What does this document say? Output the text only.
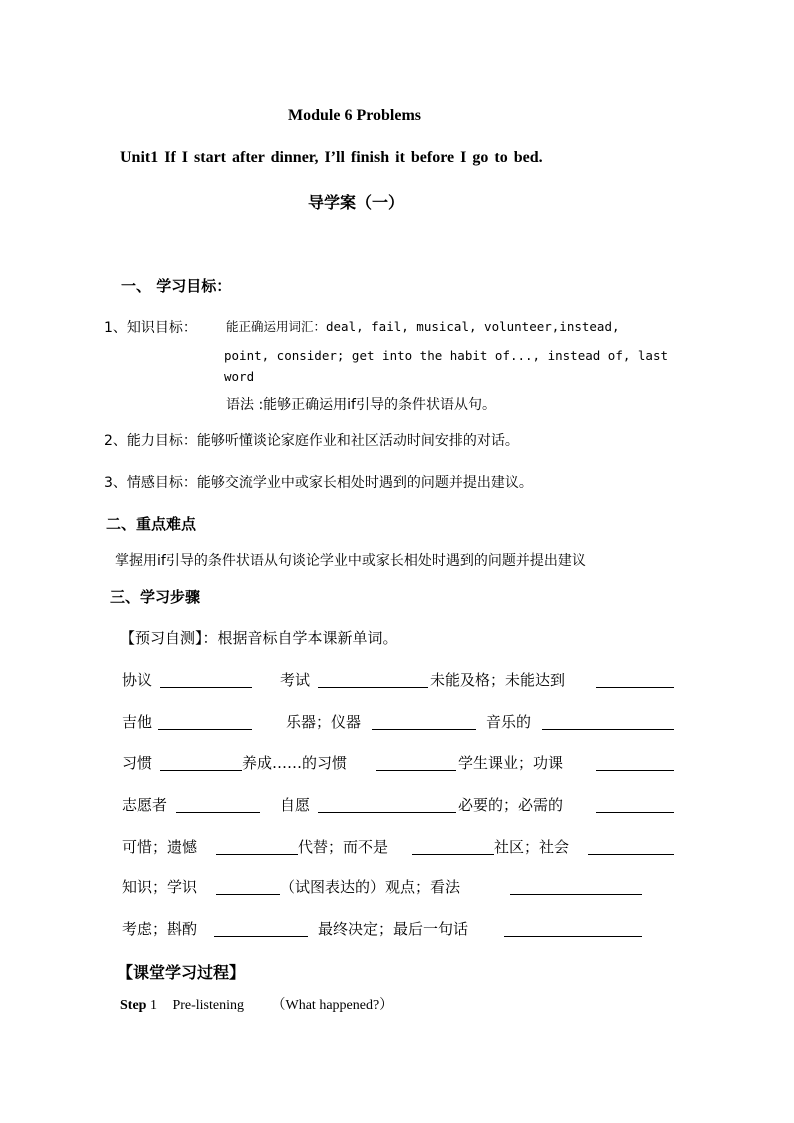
Module 6 Problems
Unit1 If I start after dinner, I’ll finish it before I go to bed.
导学案（一）
一、 学习目标：
1、知识目标： 能正确运用词汇：deal, fail, musical, volunteer,instead,
point, consider; get into the habit of..., instead of, last
word
语法 :能够正确运用if引导的条件状语从句。
2、能力目标：能够听懂谈论家庭作业和社区活动时间安排的对话。
3、情感目标：能够交流学业中或家长相处时遇到的问题并提出建议。
二、重点难点
掌握用if引导的条件状语从句谈论学业中或家长相处时遇到的问题并提出建议
三、学习步骤
【预习自测】：根据音标自学本课新单词。
协议	考试	未能及格；未能达到
吉他	乐器；仪器	音乐的
习惯	养成……的习惯	学生课业；功课
志愿者	自愿	必要的；必需的
可惜；遗憾	代替；而不是	社区；社会
知识；学识	（试图表达的）观点；看法
考虑；斟酌	最终决定；最后一句话
【课堂学习过程】
Step 1 Pre-listening （What happened?）
